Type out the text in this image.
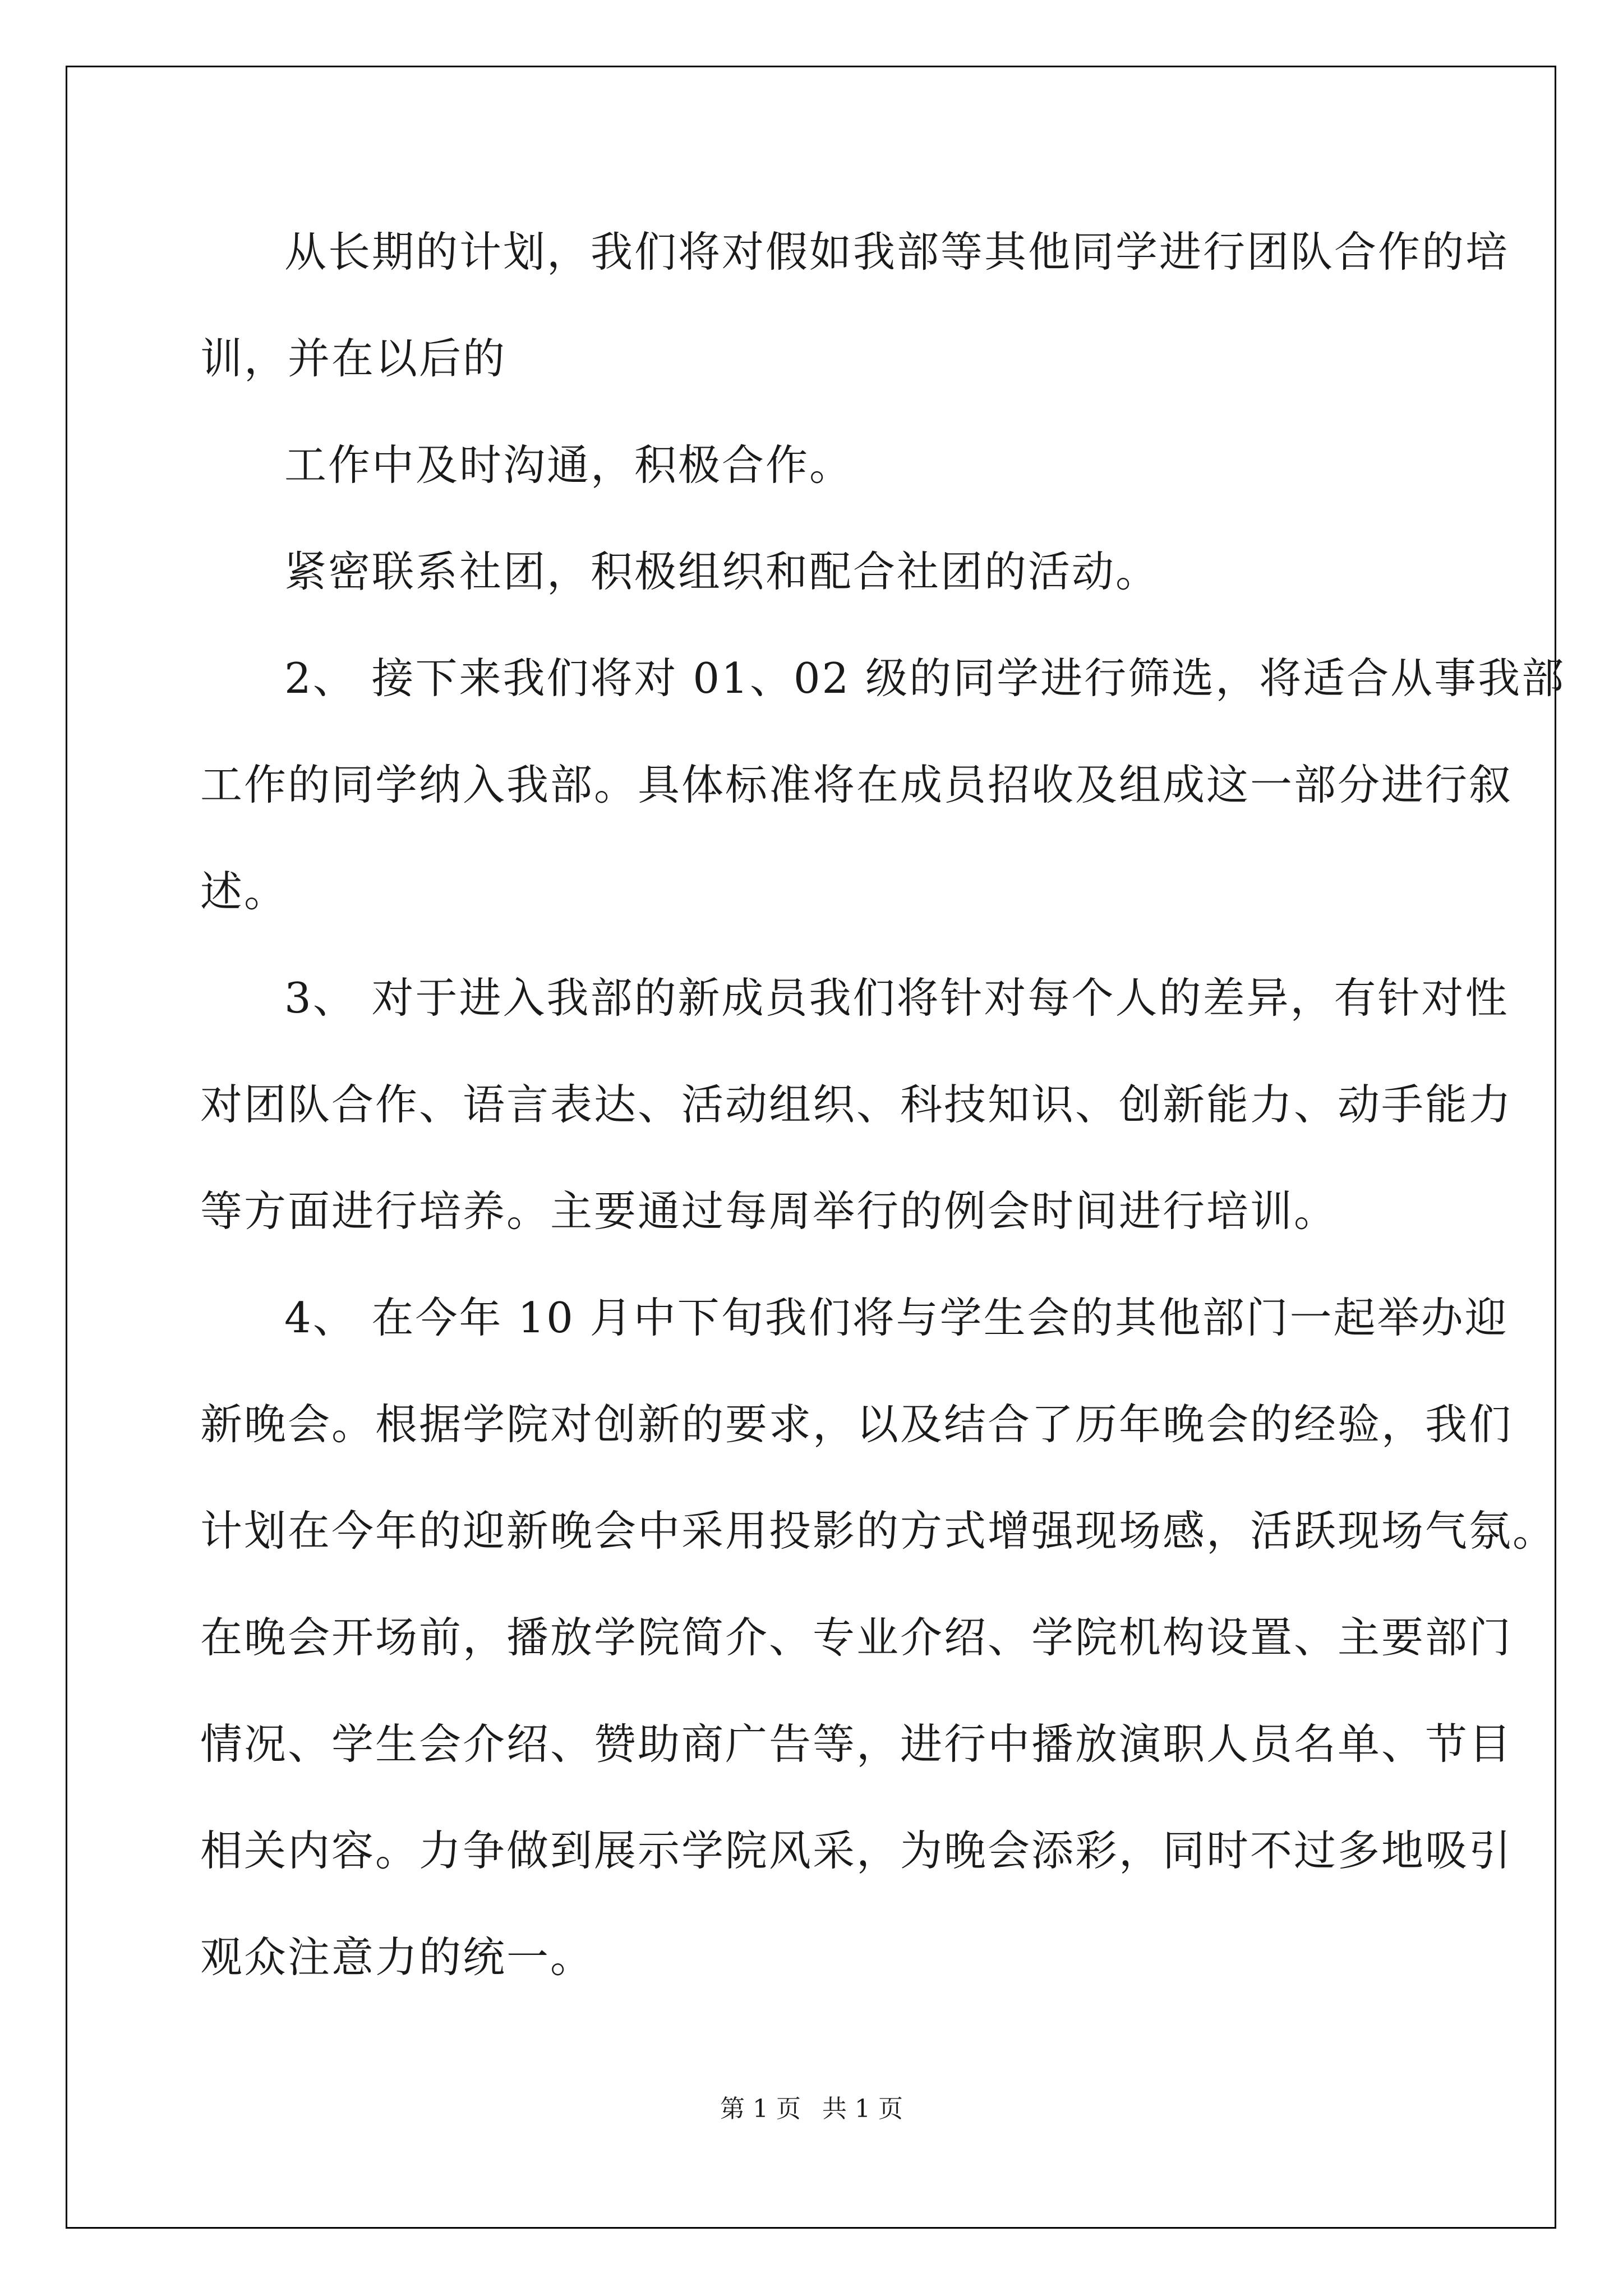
从长期的计划，我们将对假如我部等其他同学进行团队合作的培
训，并在以后的
工作中及时沟通，积极合作。
紧密联系社团，积极组织和配合社团的活动。
2、 接下来我们将对 01、02 级的同学进行筛选，将适合从事我部
工作的同学纳入我部。具体标准将在成员招收及组成这一部分进行叙
述。
3、 对于进入我部的新成员我们将针对每个人的差异，有针对性
对团队合作、语言表达、活动组织、科技知识、创新能力、动手能力
等方面进行培养。主要通过每周举行的例会时间进行培训。
4、 在今年 10 月中下旬我们将与学生会的其他部门一起举办迎
新晚会。根据学院对创新的要求，以及结合了历年晚会的经验，我们
计划在今年的迎新晚会中采用投影的方式增强现场感，活跃现场气氛。
在晚会开场前，播放学院简介、专业介绍、学院机构设置、主要部门
情况、学生会介绍、赞助商广告等，进行中播放演职人员名单、节目
相关内容。力争做到展示学院风采，为晚会添彩，同时不过多地吸引
观众注意力的统一。
第 1 页 共 1 页
